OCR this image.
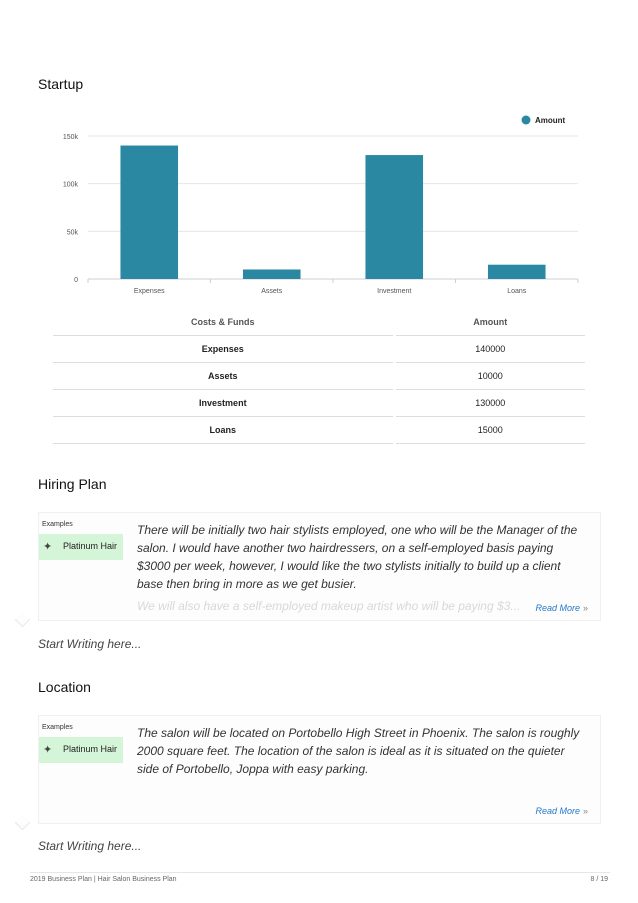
Startup
0
50k
100k
150k
Expenses	Assets	Investment	Loans
Amount
Costs & Funds	Amount
Expenses	140000
Assets	10000
Investment	130000
Loans	15000
Hiring Plan
Examples
✦ Platinum Hair

There will be initially two hair stylists employed, one who will be the Manager of the salon. I would have another two hairdressers, on a self-employed basis paying $3000 per week, however, I would like the two stylists initially to build up a client base then bring in more as we get busier.

We will also have a self-employed makeup artist who will be paying $3...	Read More »
Start Writing here...
Location
Examples
✦ Platinum Hair

The salon will be located on Portobello High Street in Phoenix. The salon is roughly 2000 square feet. The location of the salon is ideal as it is situated on the quieter side of Portobello, Joppa with easy parking.

Read More »
Start Writing here...
2019 Business Plan | Hair Salon Business Plan	8 / 19
